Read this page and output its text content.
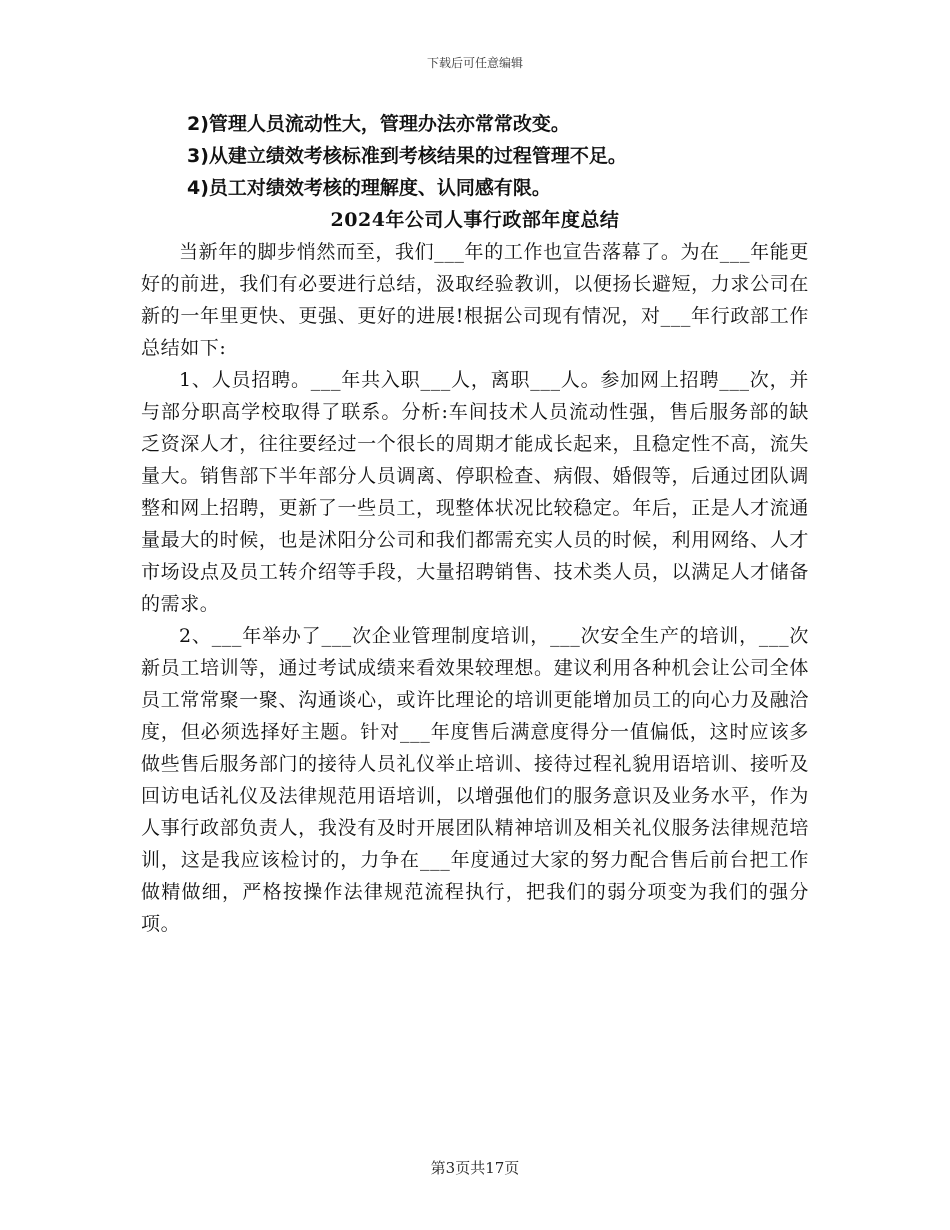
下载后可任意编辑

2)管理人员流动性大，管理办法亦常常改变。

3)从建立绩效考核标准到考核结果的过程管理不足。

4)员工对绩效考核的理解度、认同感有限。

2024年公司人事行政部年度总结

当新年的脚步悄然而至，我们___年的工作也宣告落幕了。为在___年能更好的前进，我们有必要进行总结，汲取经验教训，以便扬长避短，力求公司在新的一年里更快、更强、更好的进展!根据公司现有情况，对___年行政部工作总结如下:

1、人员招聘。___年共入职___人，离职___人。参加网上招聘___次，并与部分职高学校取得了联系。分析:车间技术人员流动性强，售后服务部的缺乏资深人才，往往要经过一个很长的周期才能成长起来，且稳定性不高，流失量大。销售部下半年部分人员调离、停职检查、病假、婚假等，后通过团队调整和网上招聘，更新了一些员工，现整体状况比较稳定。年后，正是人才流通量最大的时候，也是沭阳分公司和我们都需充实人员的时候，利用网络、人才市场设点及员工转介绍等手段，大量招聘销售、技术类人员，以满足人才储备的需求。

2、___年举办了___次企业管理制度培训，___次安全生产的培训，___次新员工培训等，通过考试成绩来看效果较理想。建议利用各种机会让公司全体员工常常聚一聚、沟通谈心，或许比理论的培训更能增加员工的向心力及融洽度，但必须选择好主题。针对___年度售后满意度得分一值偏低，这时应该多做些售后服务部门的接待人员礼仪举止培训、接待过程礼貌用语培训、接听及回访电话礼仪及法律规范用语培训，以增强他们的服务意识及业务水平，作为人事行政部负责人，我没有及时开展团队精神培训及相关礼仪服务法律规范培训，这是我应该检讨的，力争在___年度通过大家的努力配合售后前台把工作做精做细，严格按操作法律规范流程执行，把我们的弱分项变为我们的强分项。

第3页共17页
